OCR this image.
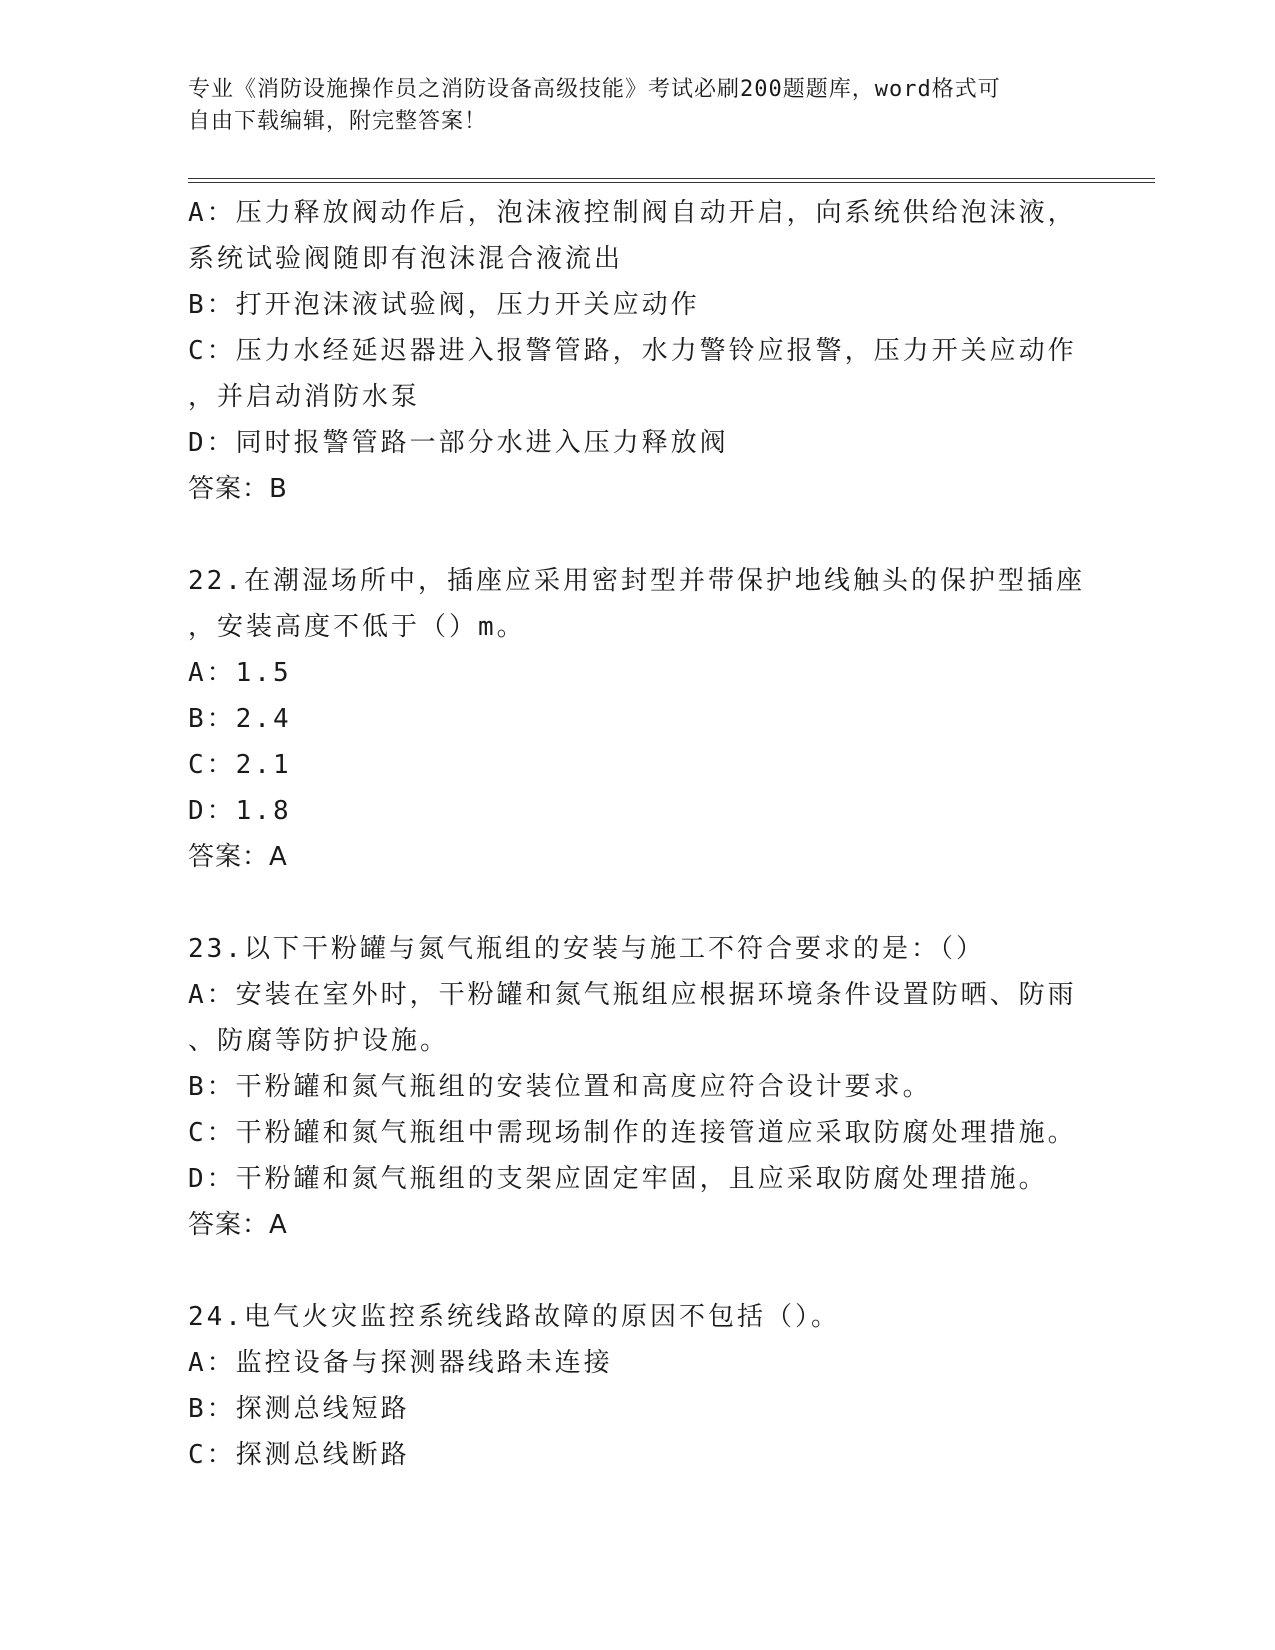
专业《消防设施操作员之消防设备高级技能》考试必刷200题题库，word格式可

自由下载编辑，附完整答案！

A：压力释放阀动作后，泡沫液控制阀自动开启，向系统供给泡沫液，

系统试验阀随即有泡沫混合液流出

B：打开泡沫液试验阀，压力开关应动作

C：压力水经延迟器进入报警管路，水力警铃应报警，压力开关应动作

，并启动消防水泵

D：同时报警管路一部分水进入压力释放阀

答案：B

22.在潮湿场所中，插座应采用密封型并带保护地线触头的保护型插座

，安装高度不低于（）m。

A：1.5

B：2.4

C：2.1

D：1.8

答案：A

23.以下干粉罐与氮气瓶组的安装与施工不符合要求的是：（）

A：安装在室外时，干粉罐和氮气瓶组应根据环境条件设置防晒、防雨

、防腐等防护设施。

B：干粉罐和氮气瓶组的安装位置和高度应符合设计要求。

C：干粉罐和氮气瓶组中需现场制作的连接管道应采取防腐处理措施。

D：干粉罐和氮气瓶组的支架应固定牢固，且应采取防腐处理措施。

答案：A

24.电气火灾监控系统线路故障的原因不包括（）。

A：监控设备与探测器线路未连接

B：探测总线短路

C：探测总线断路
